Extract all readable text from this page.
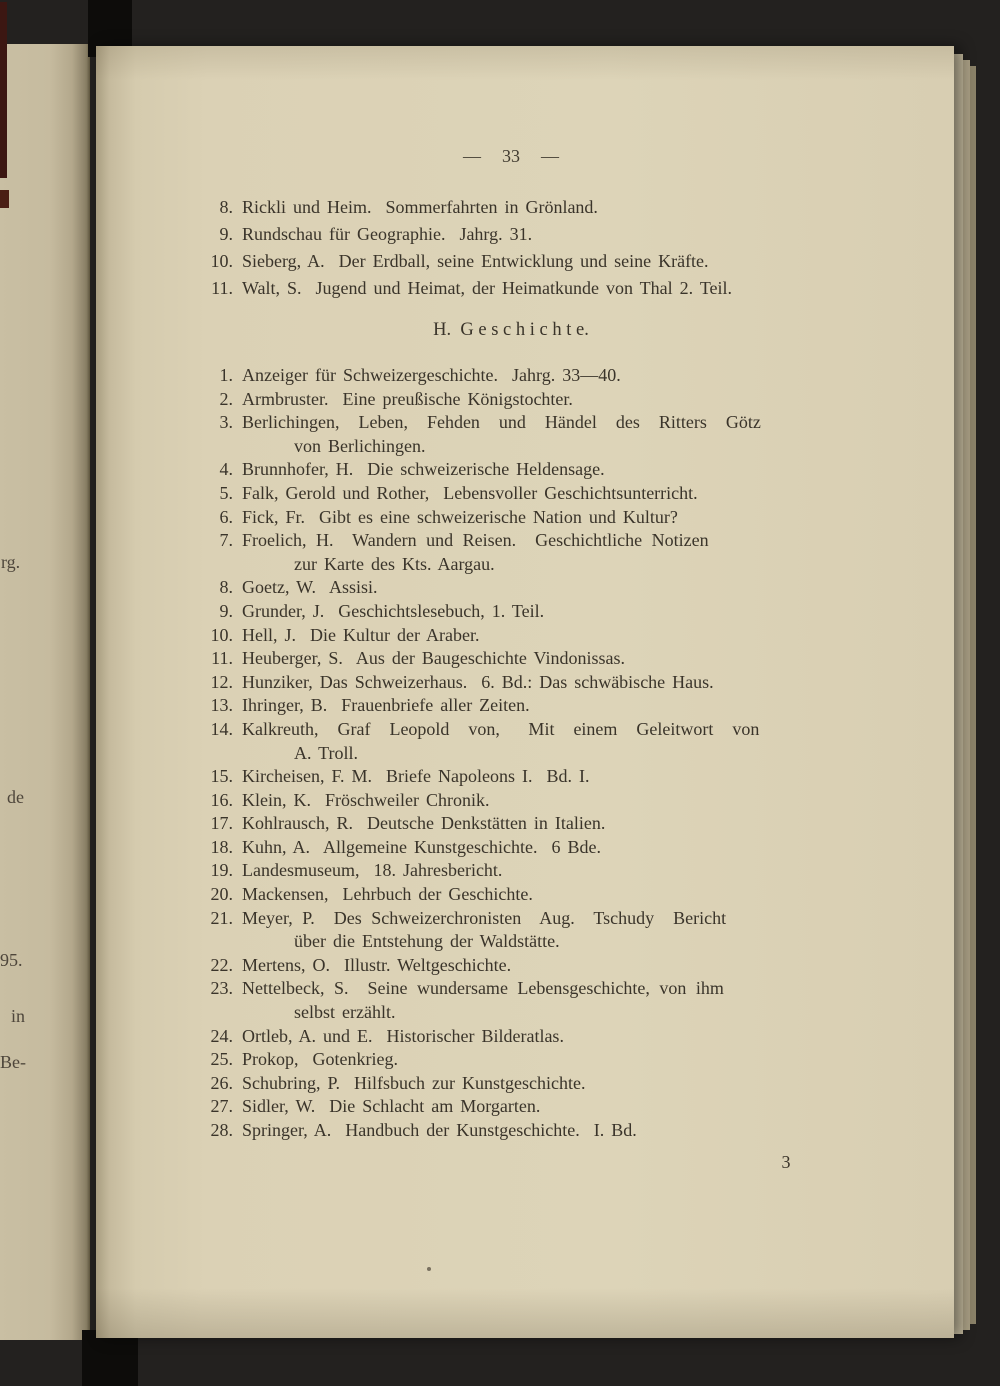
rg.
de
95.
in
Be-
—  33  —
8. Rickli und Heim.  Sommerfahrten in Grönland.
9. Rundschau für Geographie.  Jahrg. 31.
10. Sieberg, A.  Der Erdball, seine Entwicklung und seine Kräfte.
11. Walt, S.  Jugend und Heimat, der Heimatkunde von Thal 2. Teil.
H.  G e s c h i c h t e.
1. Anzeiger für Schweizergeschichte.  Jahrg. 33—40.
2. Armbruster.  Eine preußische Königstochter.
3. Berlichingen,  Leben,  Fehden  und  Händel  des  Ritters  Götz
von Berlichingen.
4. Brunnhofer, H.  Die schweizerische Heldensage.
5. Falk, Gerold und Rother,  Lebensvoller Geschichtsunterricht.
6. Fick, Fr.  Gibt es eine schweizerische Nation und Kultur?
7. Froelich, H.  Wandern und Reisen.  Geschichtliche Notizen
zur Karte des Kts. Aargau.
8. Goetz, W.  Assisi.
9. Grunder, J.  Geschichtslesebuch, 1. Teil.
10. Hell, J.  Die Kultur der Araber.
11. Heuberger, S.  Aus der Baugeschichte Vindonissas.
12. Hunziker, Das Schweizerhaus.  6. Bd.: Das schwäbische Haus.
13. Ihringer, B.  Frauenbriefe aller Zeiten.
14. Kalkreuth,  Graf  Leopold  von,   Mit  einem  Geleitwort  von
A. Troll.
15. Kircheisen, F. M.  Briefe Napoleons I.  Bd. I.
16. Klein, K.  Fröschweiler Chronik.
17. Kohlrausch, R.  Deutsche Denkstätten in Italien.
18. Kuhn, A.  Allgemeine Kunstgeschichte.  6 Bde.
19. Landesmuseum,  18. Jahresbericht.
20. Mackensen,  Lehrbuch der Geschichte.
21. Meyer, P.  Des Schweizerchronisten  Aug.  Tschudy  Bericht
über die Entstehung der Waldstätte.
22. Mertens, O.  Illustr. Weltgeschichte.
23. Nettelbeck, S.  Seine wundersame Lebensgeschichte, von ihm
selbst erzählt.
24. Ortleb, A. und E.  Historischer Bilderatlas.
25. Prokop,  Gotenkrieg.
26. Schubring, P.  Hilfsbuch zur Kunstgeschichte.
27. Sidler, W.  Die Schlacht am Morgarten.
28. Springer, A.  Handbuch der Kunstgeschichte.  I. Bd.
3
